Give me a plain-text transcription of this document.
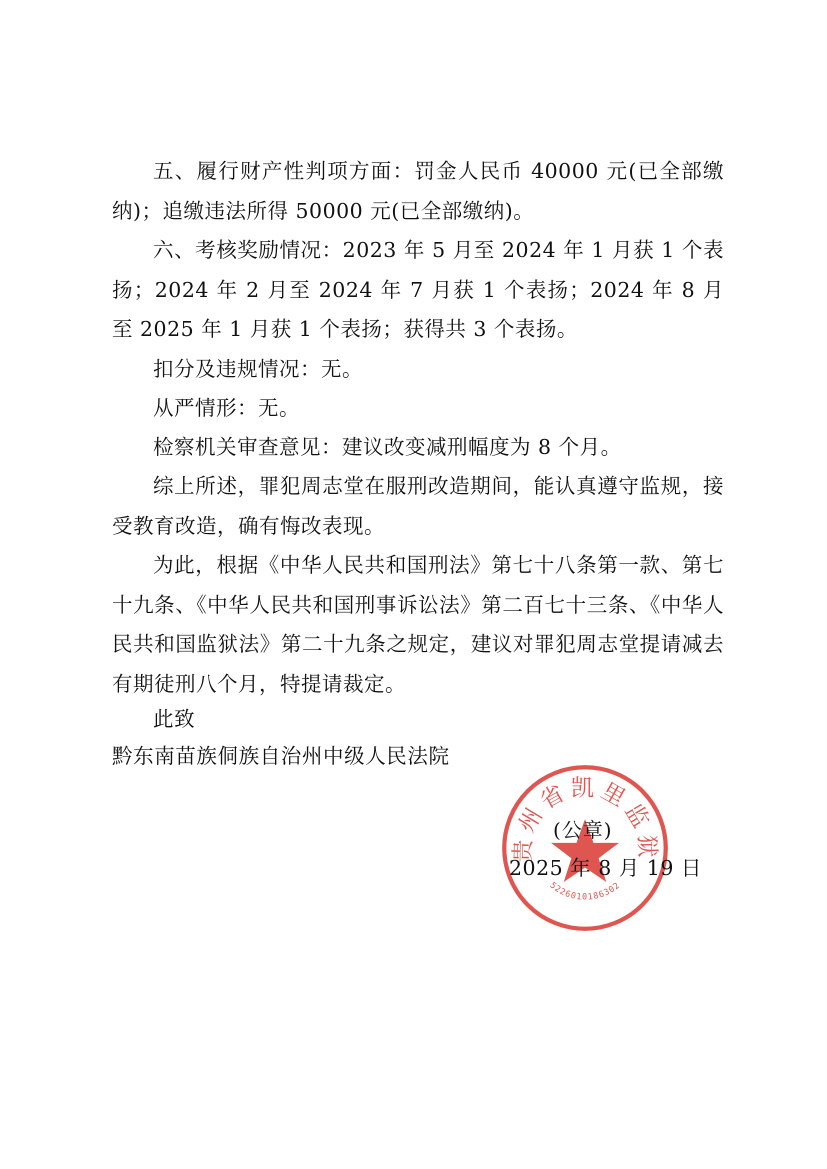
五、履行财产性判项方面：罚金人民币 40000 元(已全部缴纳)；追缴违法所得 50000 元(已全部缴纳)。

六、考核奖励情况：2023 年 5 月至 2024 年 1 月获 1 个表扬；2024 年 2 月至 2024 年 7 月获 1 个表扬；2024 年 8 月至 2025 年 1 月获 1 个表扬；获得共 3 个表扬。

扣分及违规情况：无。

从严情形：无。

检察机关审查意见：建议改变减刑幅度为 8 个月。

综上所述，罪犯周志堂在服刑改造期间，能认真遵守监规，接受教育改造，确有悔改表现。

为此，根据《中华人民共和国刑法》第七十八条第一款、第七十九条、《中华人民共和国刑事诉讼法》第二百七十三条、《中华人民共和国监狱法》第二十九条之规定，建议对罪犯周志堂提请减去有期徒刑八个月，特提请裁定。

此致

黔东南苗族侗族自治州中级人民法院

贵州省凯里监狱
5226010186302
(公章)
2025 年 8 月 19 日
